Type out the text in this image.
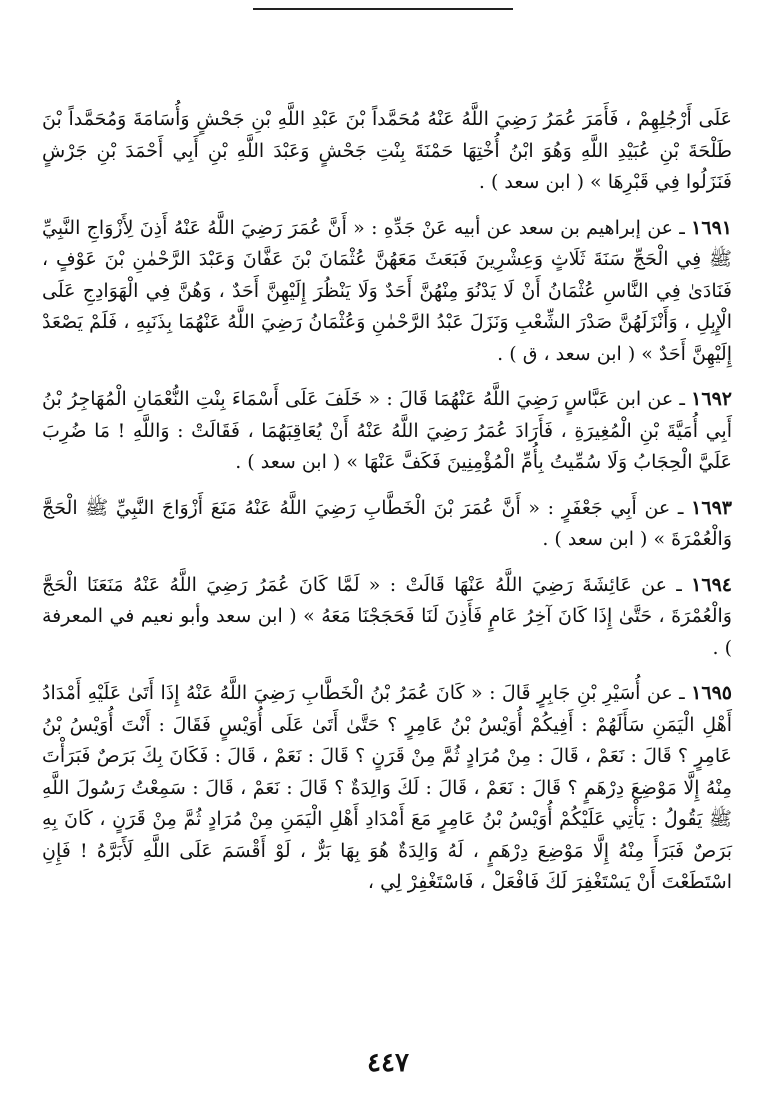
عَلَى أَرْجُلِهِمْ ، فَأَمَرَ عُمَرُ رَضِيَ اللَّهُ عَنْهُ مُحَمَّداً بْنَ عَبْدِ اللَّهِ بْنِ جَحْشٍ وَأُسَامَةَ وَمُحَمَّداً بْنَ طَلْحَةَ بْنِ عُبَيْدِ اللَّهِ وَهُوَ ابْنُ أُخْتِهَا حَمْنَةَ بِنْتِ جَحْشٍ وَعَبْدَ اللَّهِ بْنِ أَبِي أَحْمَدَ بْنِ جَرْشٍ فَنَزَلُوا فِي قَبْرِهَا » ( ابن سعد ) .

١٦٩١ ـ عن إبراهيم بن سعد عن أبيه عَنْ جَدِّهِ : « أَنَّ عُمَرَ رَضِيَ اللَّهُ عَنْهُ أَذِنَ لِأَزْوَاجِ النَّبِيِّ ﷺ فِي الْحَجِّ سَنَةَ ثَلَاثٍ وَعِشْرِينَ فَبَعَثَ مَعَهُنَّ عُثْمَانَ بْنَ عَفَّانَ وَعَبْدَ الرَّحْمٰنِ بْنَ عَوْفٍ ، فَنَادَىٰ فِي النَّاسِ عُثْمَانُ أَنْ لَا يَدْنُوَ مِنْهُنَّ أَحَدٌ وَلَا يَنْظُرَ إِلَيْهِنَّ أَحَدٌ ، وَهُنَّ فِي الْهَوَادِجِ عَلَى الْإِبِلِ ، وَأَنْزَلَهُنَّ صَدْرَ الشِّعْبِ وَنَزَلَ عَبْدُ الرَّحْمٰنِ وَعُثْمَانُ رَضِيَ اللَّهُ عَنْهُمَا بِذَنَبِهِ ، فَلَمْ يَصْعَدْ إِلَيْهِنَّ أَحَدٌ » ( ابن سعد ، ق ) .

١٦٩٢ ـ عن ابن عَبَّاسٍ رَضِيَ اللَّهُ عَنْهُمَا قَالَ : « خَلَفَ عَلَى أَسْمَاءَ بِنْتِ النُّعْمَانِ الْمُهَاجِرُ بْنُ أَبِي أُمَيَّةَ بْنِ الْمُغِيرَةِ ، فَأَرَادَ عُمَرُ رَضِيَ اللَّهُ عَنْهُ أَنْ يُعَاقِبَهُمَا ، فَقَالَتْ : وَاللَّهِ ! مَا ضُرِبَ عَلَيَّ الْحِجَابُ وَلَا سُمِّيتُ بِأُمِّ الْمُؤْمِنِينَ فَكَفَّ عَنْهَا » ( ابن سعد ) .

١٦٩٣ ـ عن أَبِي جَعْفَرٍ : « أَنَّ عُمَرَ بْنَ الْخَطَّابِ رَضِيَ اللَّهُ عَنْهُ مَنَعَ أَزْوَاجَ النَّبِيِّ ﷺ الْحَجَّ وَالْعُمْرَةَ » ( ابن سعد ) .

١٦٩٤ ـ عن عَائِشَةَ رَضِيَ اللَّهُ عَنْهَا قَالَتْ : « لَمَّا كَانَ عُمَرُ رَضِيَ اللَّهُ عَنْهُ مَنَعَنَا الْحَجَّ وَالْعُمْرَةَ ، حَتَّىٰ إِذَا كَانَ آخِرُ عَامٍ فَأَذِنَ لَنَا فَحَجَجْنَا مَعَهُ » ( ابن سعد وأبو نعيم في المعرفة ) .

١٦٩٥ ـ عن أُسَيْرِ بْنِ جَابِرٍ قَالَ : « كَانَ عُمَرُ بْنُ الْخَطَّابِ رَضِيَ اللَّهُ عَنْهُ إِذَا أَتَىٰ عَلَيْهِ أَمْدَادُ أَهْلِ الْيَمَنِ سَأَلَهُمْ : أَفِيكُمْ أُوَيْسُ بْنُ عَامِرٍ ؟ حَتَّىٰ أَتَىٰ عَلَى أُوَيْسٍ فَقَالَ : أَنْتَ أُوَيْسُ بْنُ عَامِرٍ ؟ قَالَ : نَعَمْ ، قَالَ : مِنْ مُرَادٍ ثُمَّ مِنْ قَرَنٍ ؟ قَالَ : نَعَمْ ، قَالَ : فَكَانَ بِكَ بَرَصٌ فَبَرَأْتَ مِنْهُ إِلَّا مَوْضِعَ دِرْهَمٍ ؟ قَالَ : نَعَمْ ، قَالَ : لَكَ وَالِدَةٌ ؟ قَالَ : نَعَمْ ، قَالَ : سَمِعْتُ رَسُولَ اللَّهِ ﷺ يَقُولُ : يَأْتِي عَلَيْكُمْ أُوَيْسُ بْنُ عَامِرٍ مَعَ أَمْدَادِ أَهْلِ الْيَمَنِ مِنْ مُرَادٍ ثُمَّ مِنْ قَرَنٍ ، كَانَ بِهِ بَرَصٌ فَبَرَأَ مِنْهُ إِلَّا مَوْضِعَ دِرْهَمٍ ، لَهُ وَالِدَةٌ هُوَ بِهَا بَرٌّ ، لَوْ أَقْسَمَ عَلَى اللَّهِ لَأَبَرَّهُ ! فَإِنِ اسْتَطَعْتَ أَنْ يَسْتَغْفِرَ لَكَ فَافْعَلْ ، فَاسْتَغْفِرْ لِي ،

٤٤٧
